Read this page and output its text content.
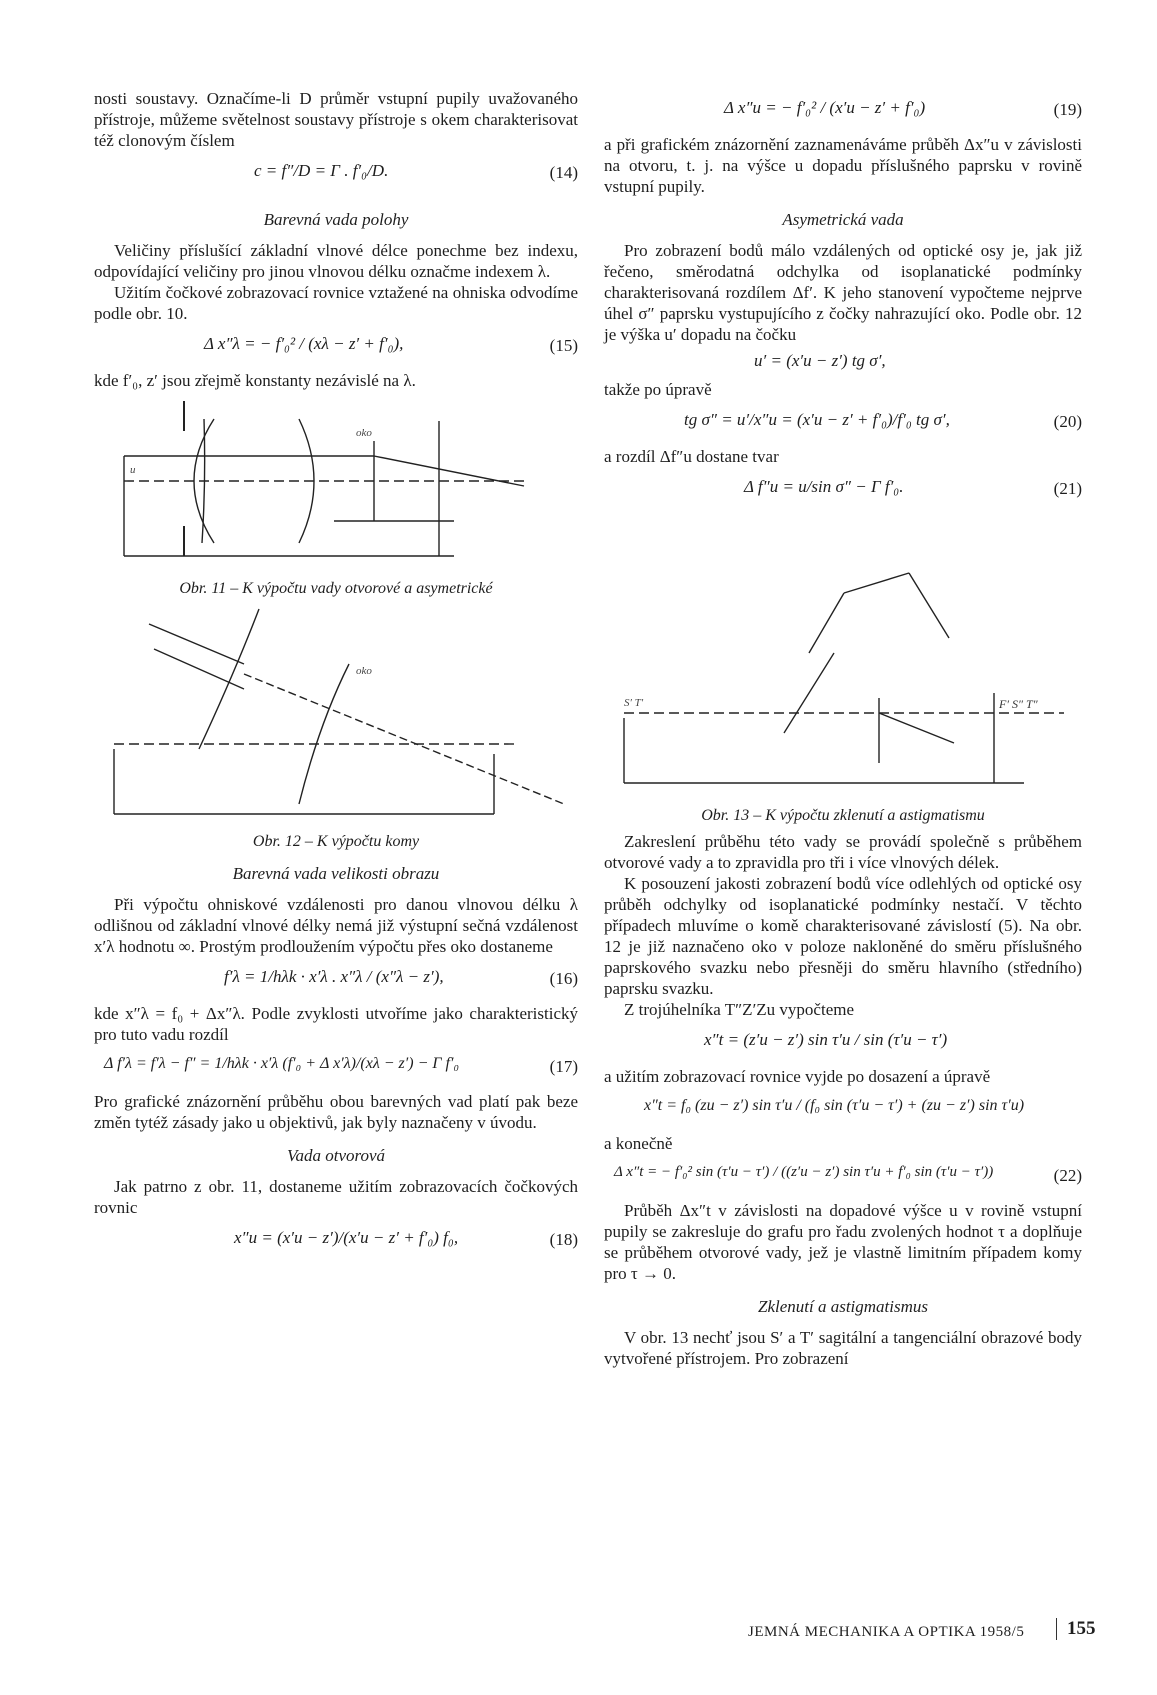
nosti soustavy. Označíme-li D průměr vstupní pupily uvažovaného přístroje, můžeme světelnost soustavy přístroje s okem charakterisovat též clonovým číslem

c = f″/D = Γ . f′₀/D.	(14)
Barevná vada polohy

Veličiny příslušící základní vlnové délce ponechme bez indexu, odpovídající veličiny pro jinou vlnovou délku označme indexem λ.

Užitím čočkové zobrazovací rovnice vztažené na ohniska odvodíme podle obr. 10.

Δ x″λ = − f′₀² / (xλ − z′ + f′₀),	(15)

kde f′₀, z′ jsou zřejmě konstanty nezávislé na λ.

oko
u
Obr. 11 – K výpočtu vady otvorové a asymetrické
oko
Obr. 12 – K výpočtu komy
Barevná vada velikosti obrazu

Při výpočtu ohniskové vzdálenosti pro danou vlnovou délku λ odlišnou od základní vlnové délky nemá již výstupní sečná vzdálenost x′λ hodnotu ∞. Prostým prodloužením výpočtu přes oko dostaneme

f′λ = 1/hλk · x′λ . x″λ / (x″λ − z′),	(16)

kde x″λ = f₀ + Δx″λ. Podle zvyklosti utvoříme jako charakteristický pro tuto vadu rozdíl

Δ f′λ = f′λ − f″ = 1/hλk · x′λ (f′₀ + Δ x′λ)/(xλ − z′) − Γ f′₀	(17)

Pro grafické znázornění průběhu obou barevných vad platí pak beze změn tytéž zásady jako u objektivů, jak byly naznačeny v úvodu.

Vada otvorová

Jak patrno z obr. 11, dostaneme užitím zobrazovacích čočkových rovnic

x″u = (x′u − z′)/(x′u − z′ + f′₀) f₀,	(18)
Δ x″u = − f′₀² / (x′u − z′ + f′₀)	(19)

a při grafickém znázornění zaznamenáváme průběh Δx″u v závislosti na otvoru, t. j. na výšce u dopadu příslušného paprsku v rovině vstupní pupily.

Asymetrická vada

Pro zobrazení bodů málo vzdálených od optické osy je, jak již řečeno, směrodatná odchylka od isoplanatické podmínky charakterisovaná rozdílem Δf′. K jeho stanovení vypočteme nejprve úhel σ″ paprsku vystupujícího z čočky nahrazující oko. Podle obr. 12 je výška u′ dopadu na čočku

u′ = (x′u − z′) tg σ′,

takže po úpravě

tg σ″ = u′/x″u = (x′u − z′ + f′₀)/f′₀ tg σ′,	(20)

a rozdíl Δf″u dostane tvar

Δ f″u = u/sin σ″ − Γ f′₀.	(21)
F′ S″ T″
S′ T′
Obr. 13 – K výpočtu zklenutí a astigmatismu

Zakreslení průběhu této vady se provádí společně s průběhem otvorové vady a to zpravidla pro tři i více vlnových délek.

K posouzení jakosti zobrazení bodů více odlehlých od optické osy průběh odchylky od isoplanatické podmínky nestačí. V těchto případech mluvíme o komě charakterisované závislostí (5). Na obr. 12 je již naznačeno oko v poloze nakloněné do směru příslušného paprskového svazku nebo přesněji do směru hlavního (středního) paprsku svazku.

Z trojúhelníka T″Z′Zu vypočteme

x″t = (z′u − z′) sin τ′u / sin (τ′u − τ′)

a užitím zobrazovací rovnice vyjde po dosazení a úpravě

x″t = f₀ (zu − z′) sin τ′u / (f₀ sin (τ′u − τ′) + (zu − z′) sin τ′u)

a konečně

Δ x″t = − f′₀² sin (τ′u − τ′) / ((z′u − z′) sin τ′u + f′₀ sin (τ′u − τ′))	(22)

Průběh Δx″t v závislosti na dopadové výšce u v rovině vstupní pupily se zakresluje do grafu pro řadu zvolených hodnot τ a doplňuje se průběhem otvorové vady, jež je vlastně limitním případem komy pro τ → 0.

Zklenutí a astigmatismus

V obr. 13 nechť jsou S′ a T′ sagitální a tangenciální obrazové body vytvořené přístrojem. Pro zobrazení

JEMNÁ MECHANIKA A OPTIKA 1958/5	155
